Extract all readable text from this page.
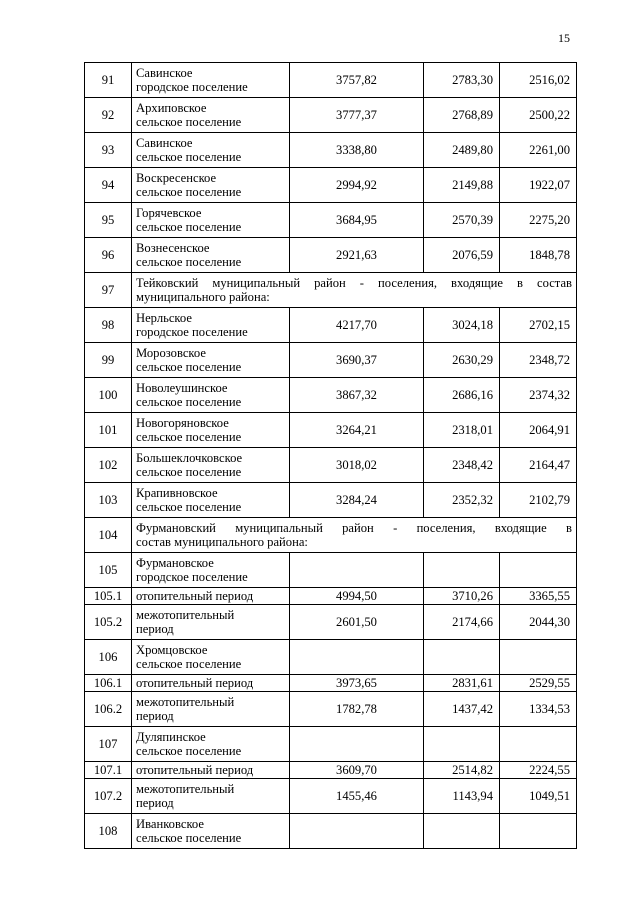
15
91	Савинское
городское поселение	3757,82	2783,30	2516,02
92	Архиповское
сельское поселение	3777,37	2768,89	2500,22
93	Савинское
сельское поселение	3338,80	2489,80	2261,00
94	Воскресенское
сельское поселение	2994,92	2149,88	1922,07
95	Горячевское
сельское поселение	3684,95	2570,39	2275,20
96	Вознесенское
сельское поселение	2921,63	2076,59	1848,78
97	Тейковский муниципальный район - поселения, входящие в состав
муниципального района:			

98	Нерльское
городское поселение	4217,70	3024,18	2702,15
99	Морозовское
сельское поселение	3690,37	2630,29	2348,72
100	Новолеушинское
сельское поселение	3867,32	2686,16	2374,32
101	Новогоряновское
сельское поселение	3264,21	2318,01	2064,91
102	Большеклочковское
сельское поселение	3018,02	2348,42	2164,47
103	Крапивновское
сельское поселение	3284,24	2352,32	2102,79
104	Фурмановский муниципальный район - поселения, входящие в
состав муниципального района:			

105	Фурмановское
городское поселение			

105.1	отопительный период	4994,50	3710,26	3365,55
105.2	межотопительный
период	2601,50	2174,66	2044,30
106	Хромцовское
сельское поселение			

106.1	отопительный период	3973,65	2831,61	2529,55
106.2	межотопительный
период	1782,78	1437,42	1334,53
107	Дуляпинское
сельское поселение			

107.1	отопительный период	3609,70	2514,82	2224,55
107.2	межотопительный
период	1455,46	1143,94	1049,51
108	Иванковское
сельское поселение			
